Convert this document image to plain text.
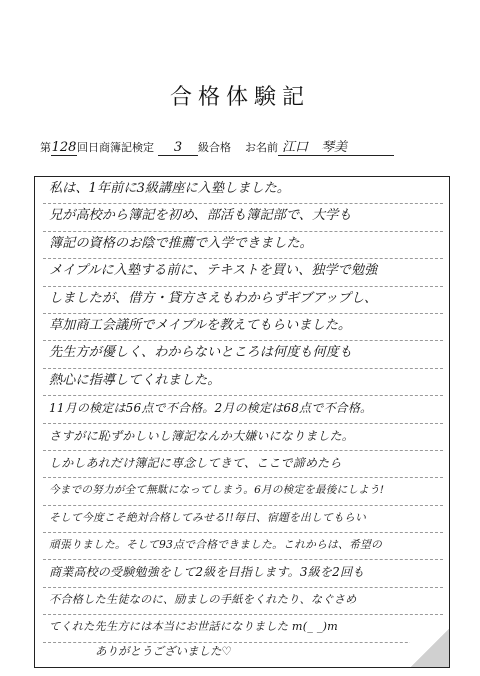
合格体験記
第128回日商簿記検定 3 級合格 お名前 江口　琴美
私は、1年前に3級講座に入塾しました。
兄が高校から簿記を初め、部活も簿記部で、大学も
簿記の資格のお陰で推薦で入学できました。
メイプルに入塾する前に、テキストを買い、独学で勉強
しましたが、借方・貸方さえもわからずギブアップし、
草加商工会議所でメイプルを教えてもらいました。
先生方が優しく、わからないところは何度も何度も
熱心に指導してくれました。
11月の検定は56点で不合格。2月の検定は68点で不合格。
さすがに恥ずかしいし簿記なんか大嫌いになりました。
しかしあれだけ簿記に専念してきて、ここで諦めたら
今までの努力が全て無駄になってしまう。6月の検定を最後にしよう!
そして今度こそ絶対合格してみせる!!毎日、宿題を出してもらい
頑張りました。そして93点で合格できました。これからは、希望の
商業高校の受験勉強をして2級を目指します。3級を2回も
不合格した生徒なのに、励ましの手紙をくれたり、なぐさめ
てくれた先生方には本当にお世話になりました m(_ _)m
ありがとうございました♡
